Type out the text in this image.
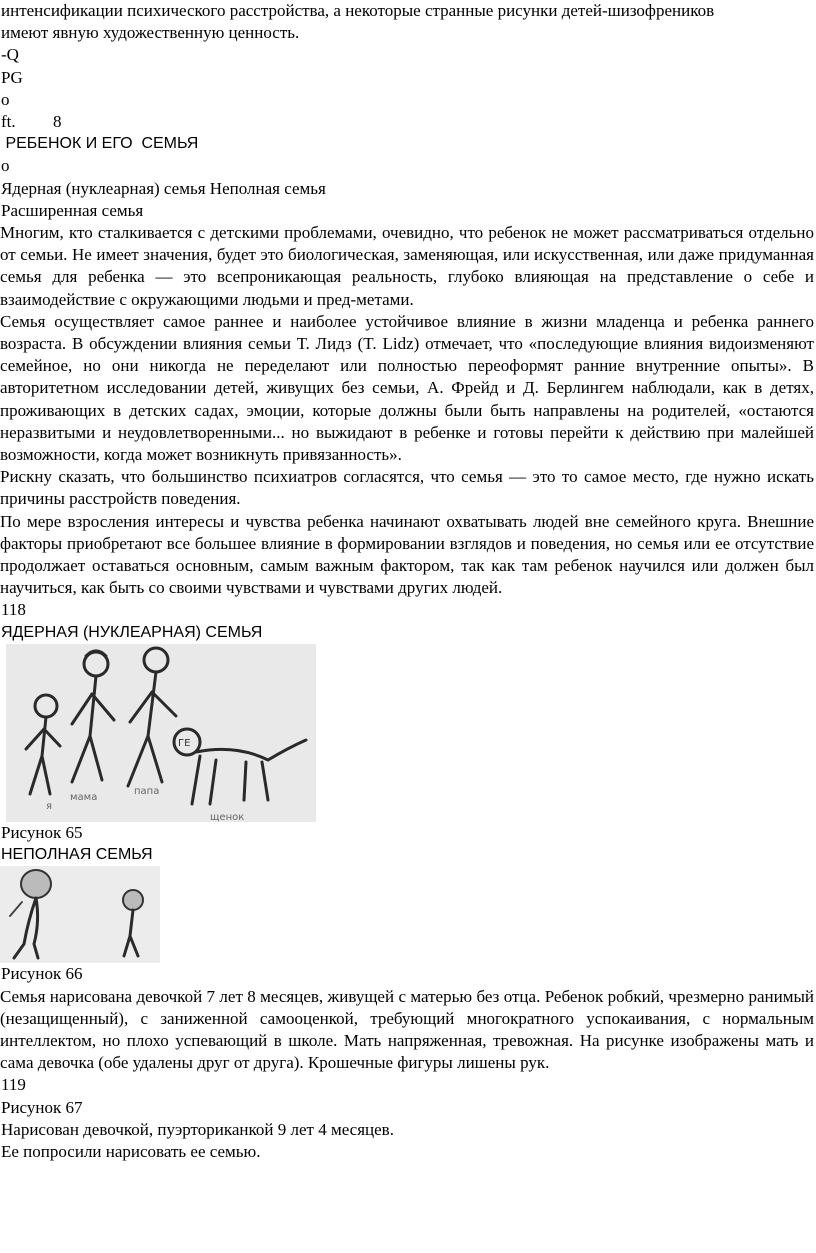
интенсификации психического расстройства, а некоторые странные рисунки детей-шизофреников
имеют явную художественную ценность.
-Q
PG
o
ft. 8
РЕБЕНОК И ЕГО  СЕМЬЯ
o
Ядерная (нуклеарная) семья Неполная семья
Расширенная семья
Многим, кто сталкивается с детскими проблемами, очевидно, что ребенок не может рассматриваться отдельно от семьи. Не имеет значения, будет это биологическая, заменяющая, или искусственная, или даже придуманная семья для ребенка — это всепроникающая реальность, глубоко влияющая на представление о себе и взаимодействие с окружающими людьми и пред-метами.
Семья осуществляет самое раннее и наиболее устойчивое влияние в жизни младенца и ребенка раннего возраста. В обсуждении влияния семьи Т. Лидз (T. Lidz) отмечает, что «последующие влияния видоизменяют семейное, но они никогда не переделают или полностью переоформят ранние внутренние опыты». В авторитетном исследовании детей, живущих без семьи, А. Фрейд и Д. Берлингем наблюдали, как в детях, проживающих в детских садах, эмоции, которые должны были быть направлены на родителей, «остаются неразвитыми и неудовлетворенными... но выжидают в ребенке и готовы перейти к действию при малейшей возможности, когда может возникнуть привязанность».
Рискну сказать, что большинство психиатров согласятся, что семья — это то самое место, где нужно искать причины расстройств поведения.
По мере взросления интересы и чувства ребенка начинают охватывать людей вне семейного круга. Внешние факторы приобретают все большее влияние в формировании взглядов и поведения, но семья или ее отсутствие продолжает оставаться основным, самым важным фактором, так как там ребенок научился или должен был научиться, как быть со своими чувствами и чувствами других людей.
118
ЯДЕРНАЯ (НУКЛЕАРНАЯ) СЕМЬЯ
ГЕ
я
мама
папа
щенок
Рисунок 65
НЕПОЛНАЯ СЕМЬЯ
Рисунок 66
Семья нарисована девочкой 7 лет 8 месяцев, живущей с матерью без отца. Ребенок робкий, чрезмерно ранимый (незащищенный), с заниженной самооценкой, требующий многократного успокаивания, с нормальным интеллектом, но плохо успевающий в школе. Мать напряженная, тревожная. На рисунке изображены мать и сама девочка (обе удалены друг от друга). Крошечные фигуры лишены рук.
119
Рисунок 67
Нарисован девочкой, пуэрториканкой 9 лет 4 месяцев.
Ее попросили нарисовать ее семью.
